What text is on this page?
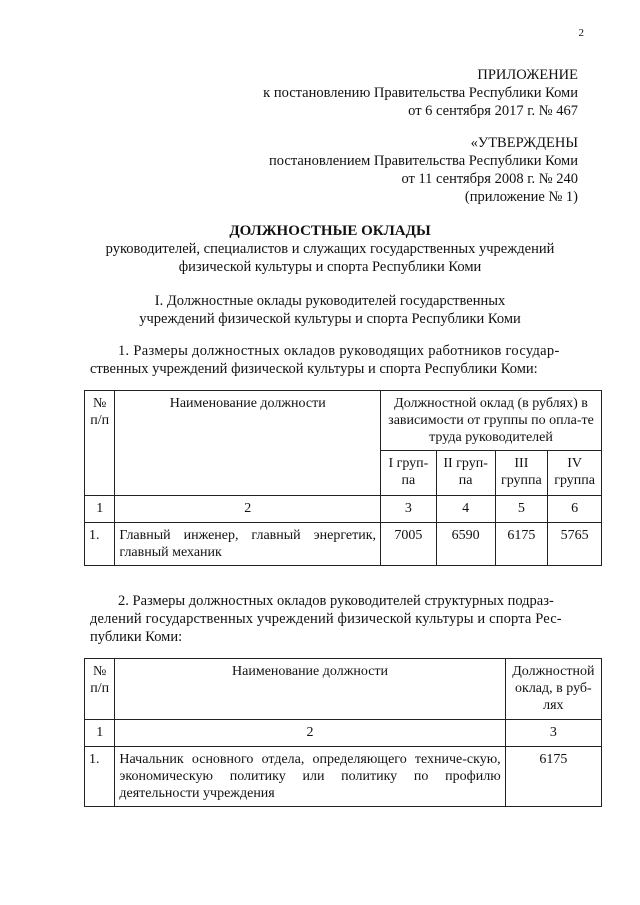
2
ПРИЛОЖЕНИЕ
к постановлению Правительства Республики Коми
от 6 сентября 2017 г. № 467
«УТВЕРЖДЕНЫ
постановлением Правительства Республики Коми
от 11 сентября 2008 г. № 240
(приложение № 1)
ДОЛЖНОСТНЫЕ ОКЛАДЫ
руководителей, специалистов и служащих государственных учреждений
физической культуры и спорта Республики Коми
I. Должностные оклады руководителей государственных
учреждений физической культуры и спорта Республики Коми
1. Размеры должностных окладов руководящих работников государ-
ственных учреждений физической культуры и спорта Республики Коми:
№
п/п	Наименование должности	Должностной оклад (в рублях) в зависимости от группы по опла-те труда руководителей			
		I груп-па	II груп-па	III группа	IV группа
1	2	3	4	5	6
1.	Главный инженер, главный энергетик, главный механик	7005	6590	6175	5765
2. Размеры должностных окладов руководителей структурных подраз-
делений государственных учреждений физической культуры и спорта Рес-
публики Коми:
№
п/п	Наименование должности	Должностной оклад, в руб-лях
1	2	3
1.	Начальник основного отдела, определяющего техниче-скую, экономическую политику или политику по профилю деятельности учреждения	6175
